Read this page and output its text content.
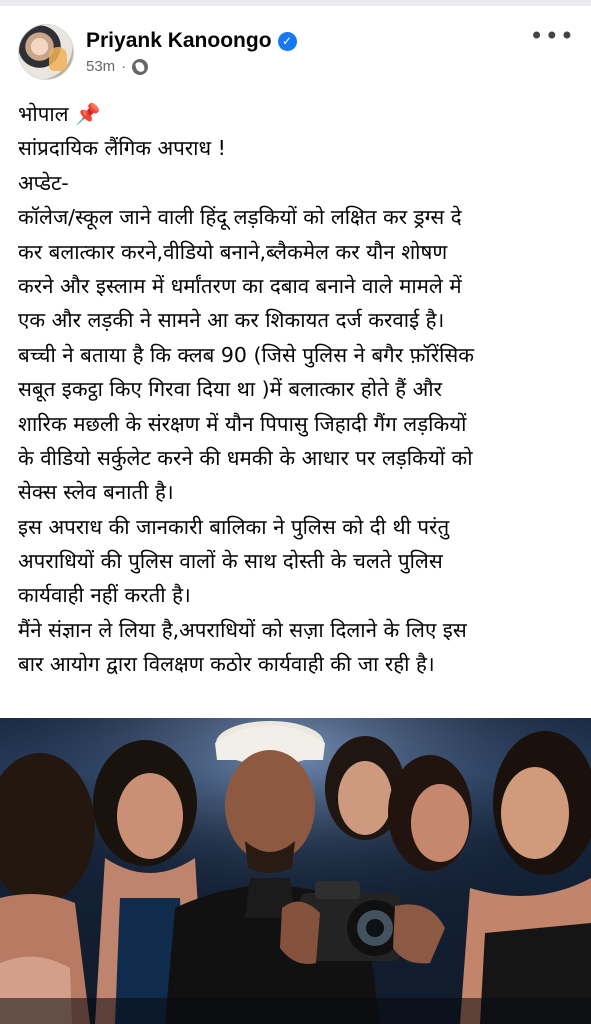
Priyank Kanoongo ✓
53m ·
•••
भोपाल 📌
सांप्रदायिक लैंगिक अपराध !
अप्डेट-
कॉलेज/स्कूल जाने वाली हिंदू लड़कियों को लक्षित कर ड्रग्स दे
कर बलात्कार करने,वीडियो बनाने,ब्लैकमेल कर यौन शोषण
करने और इस्लाम में धर्मांतरण का दबाव बनाने वाले मामले में
एक और लड़की ने सामने आ कर शिकायत दर्ज करवाई है।
बच्ची ने बताया है कि क्लब 90 (जिसे पुलिस ने बगैर फ़ॉरेंसिक
सबूत इकट्ठा किए गिरवा दिया था )में बलात्कार होते हैं और
शारिक मछली के संरक्षण में यौन पिपासु जिहादी गैंग लड़कियों
के वीडियो सर्कुलेट करने की धमकी के आधार पर लड़कियों को
सेक्स स्लेव बनाती है।
इस अपराध की जानकारी बालिका ने पुलिस को दी थी परंतु
अपराधियों की पुलिस वालों के साथ दोस्ती के चलते पुलिस
कार्यवाही नहीं करती है।
मैंने संज्ञान ले लिया है,अपराधियों को सज़ा दिलाने के लिए इस
बार आयोग द्वारा विलक्षण कठोर कार्यवाही की जा रही है।
